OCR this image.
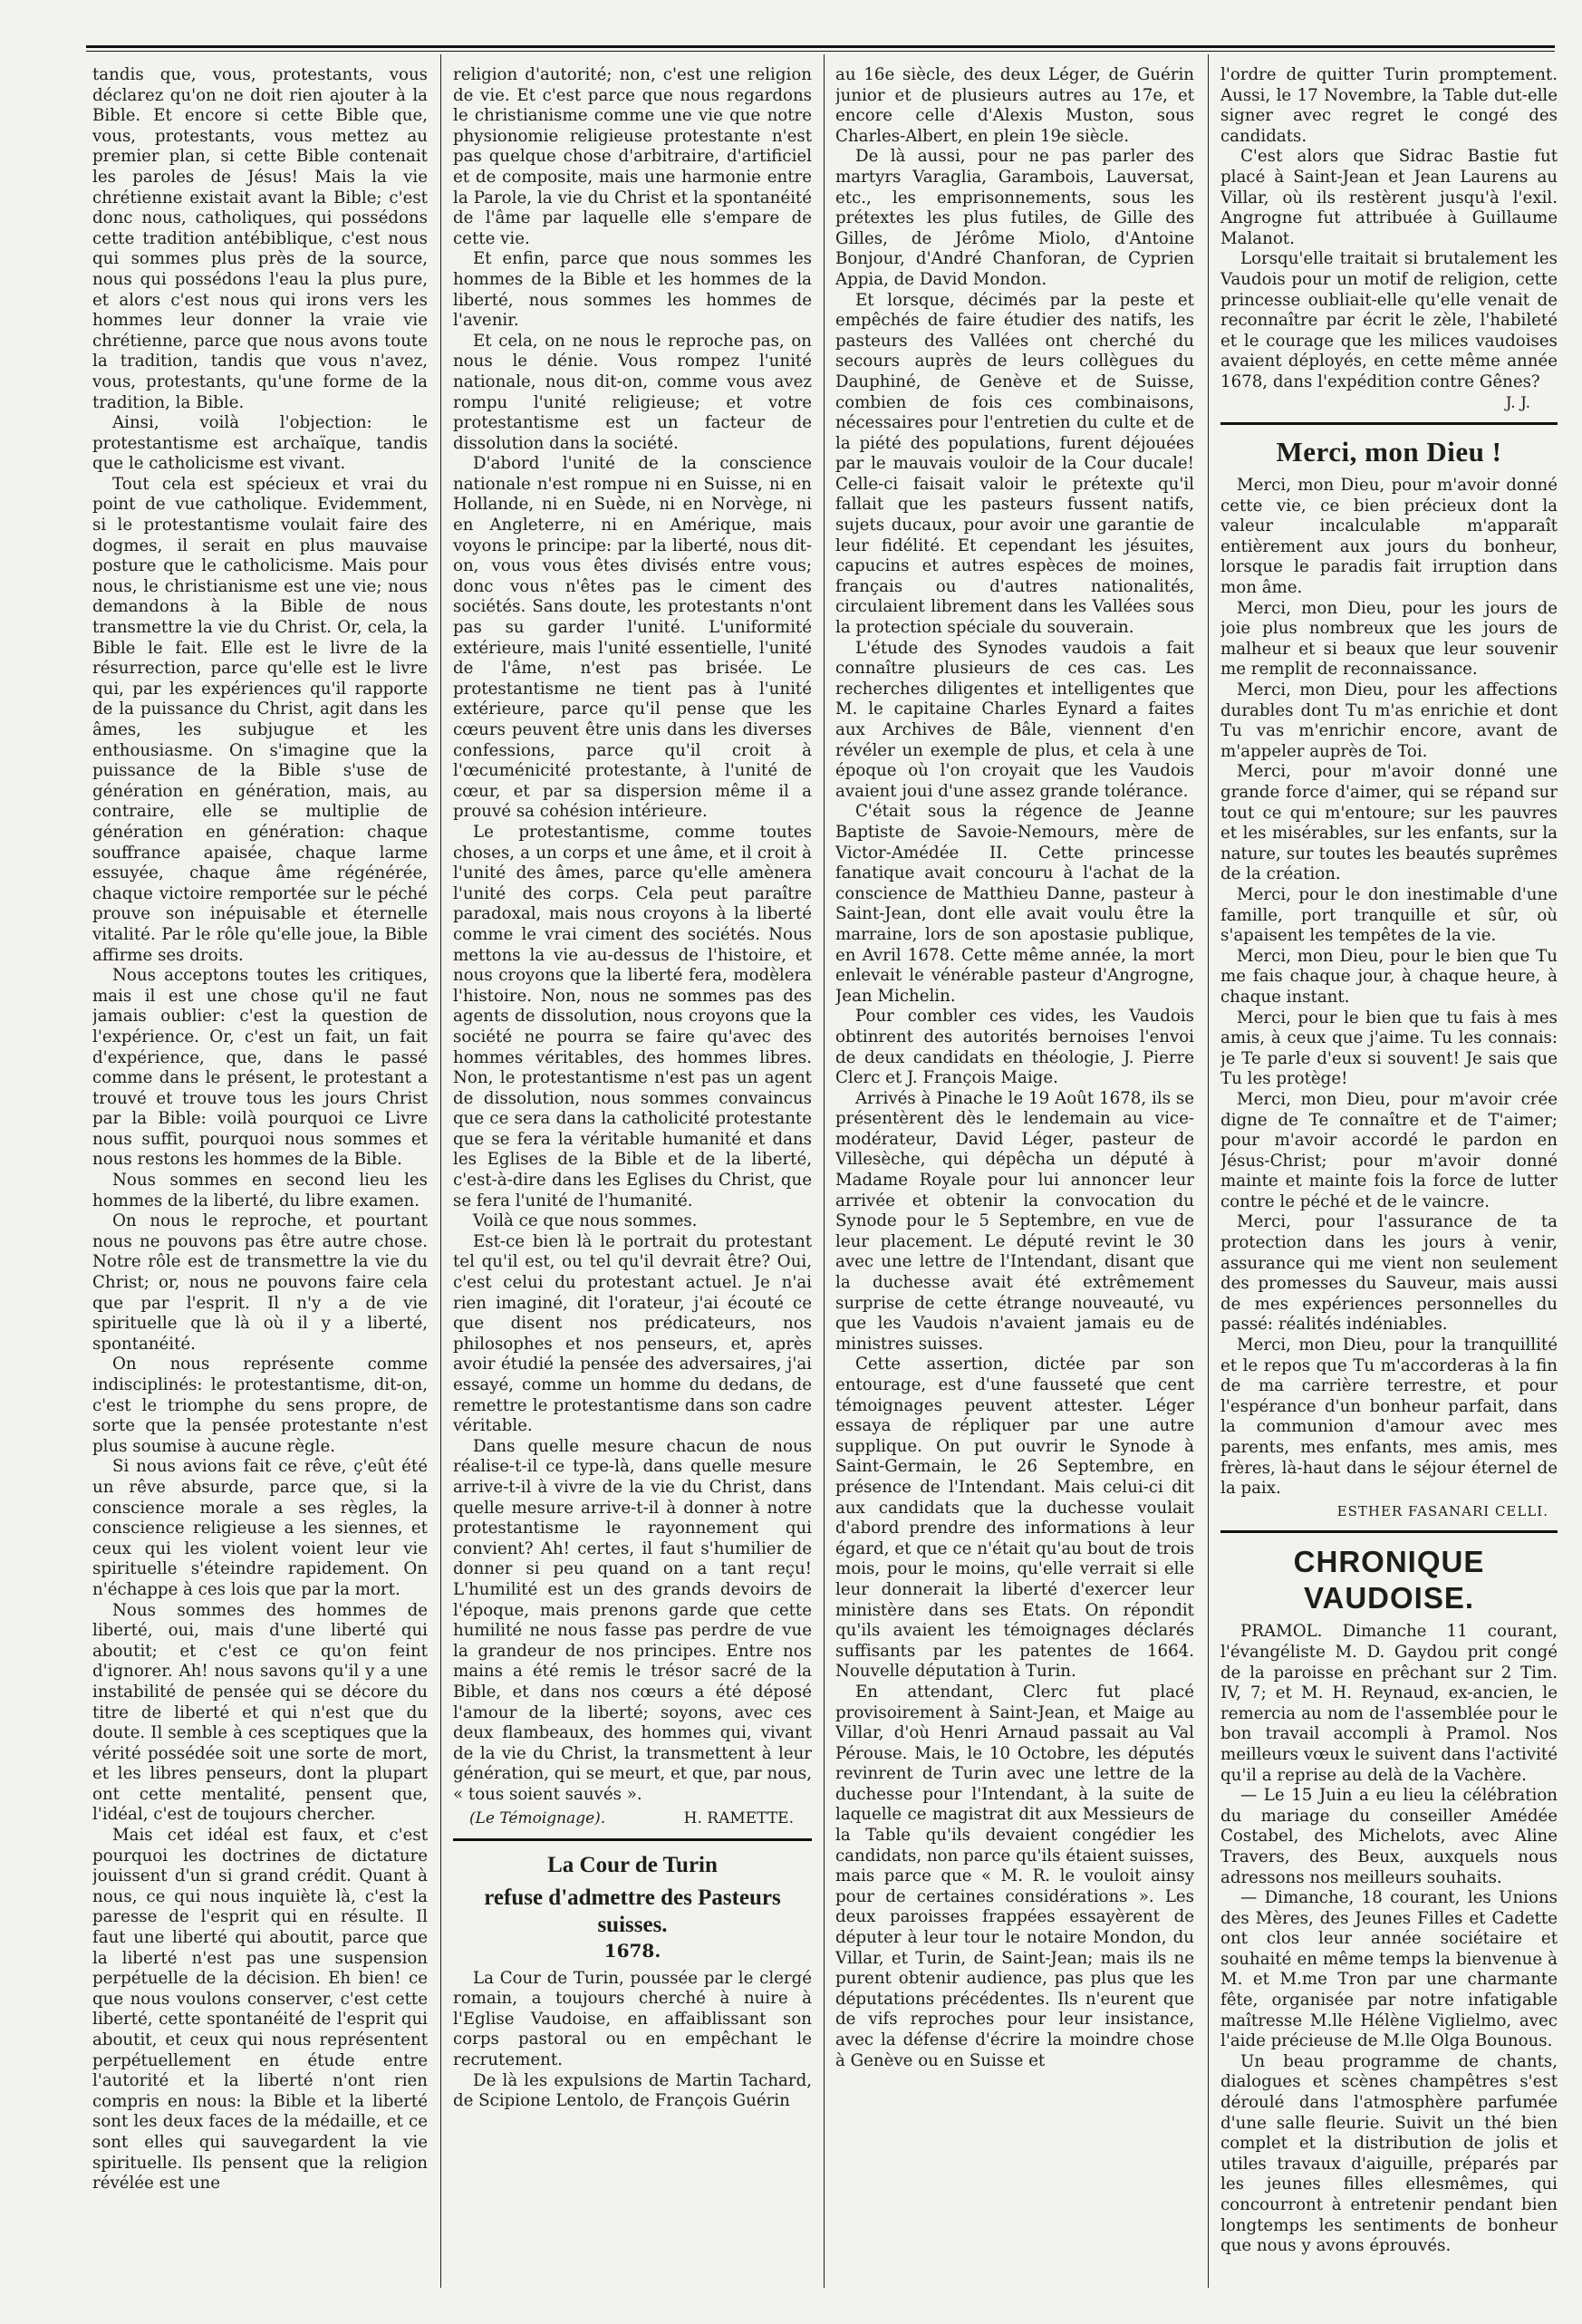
tandis que, vous, protestants, vous déclarez qu'on ne doit rien ajouter à la Bible. Et encore si cette Bible que, vous, protestants, vous mettez au premier plan, si cette Bible contenait les paroles de Jésus! Mais la vie chrétienne existait avant la Bible; c'est donc nous, catholiques, qui possédons cette tradition antébiblique, c'est nous qui sommes plus près de la source, nous qui possédons l'eau la plus pure, et alors c'est nous qui irons vers les hommes leur donner la vraie vie chrétienne, parce que nous avons toute la tradition, tandis que vous n'avez, vous, protestants, qu'une forme de la tradition, la Bible.

Ainsi, voilà l'objection: le protestantisme est archaïque, tandis que le catholicisme est vivant.

Tout cela est spécieux et vrai du point de vue catholique. Evidemment, si le protestantisme voulait faire des dogmes, il serait en plus mauvaise posture que le catholicisme. Mais pour nous, le christianisme est une vie; nous demandons à la Bible de nous transmettre la vie du Christ. Or, cela, la Bible le fait. Elle est le livre de la résurrection, parce qu'elle est le livre qui, par les expériences qu'il rapporte de la puissance du Christ, agit dans les âmes, les subjugue et les enthousiasme. On s'imagine que la puissance de la Bible s'use de génération en génération, mais, au contraire, elle se multiplie de génération en génération: chaque souffrance apaisée, chaque larme essuyée, chaque âme régénérée, chaque victoire remportée sur le péché prouve son inépuisable et éternelle vitalité. Par le rôle qu'elle joue, la Bible affirme ses droits.

Nous acceptons toutes les critiques, mais il est une chose qu'il ne faut jamais oublier: c'est la question de l'expérience. Or, c'est un fait, un fait d'expérience, que, dans le passé comme dans le présent, le protestant a trouvé et trouve tous les jours Christ par la Bible: voilà pourquoi ce Livre nous suffit, pourquoi nous sommes et nous restons les hommes de la Bible.

Nous sommes en second lieu les hommes de la liberté, du libre examen.

On nous le reproche, et pourtant nous ne pouvons pas être autre chose. Notre rôle est de transmettre la vie du Christ; or, nous ne pouvons faire cela que par l'esprit. Il n'y a de vie spirituelle que là où il y a liberté, spontanéité.

On nous représente comme indisciplinés: le protestantisme, dit-on, c'est le triomphe du sens propre, de sorte que la pensée protestante n'est plus soumise à aucune règle.

Si nous avions fait ce rêve, ç'eût été un rêve absurde, parce que, si la conscience morale a ses règles, la conscience religieuse a les siennes, et ceux qui les violent voient leur vie spirituelle s'éteindre rapidement. On n'échappe à ces lois que par la mort.

Nous sommes des hommes de liberté, oui, mais d'une liberté qui aboutit; et c'est ce qu'on feint d'ignorer. Ah! nous savons qu'il y a une instabilité de pensée qui se décore du titre de liberté et qui n'est que du doute. Il semble à ces sceptiques que la vérité possédée soit une sorte de mort, et les libres penseurs, dont la plupart ont cette mentalité, pensent que, l'idéal, c'est de toujours chercher.

Mais cet idéal est faux, et c'est pourquoi les doctrines de dictature jouissent d'un si grand crédit. Quant à nous, ce qui nous inquiète là, c'est la paresse de l'esprit qui en résulte. Il faut une liberté qui aboutit, parce que la liberté n'est pas une suspension perpétuelle de la décision. Eh bien! ce que nous voulons conserver, c'est cette liberté, cette spontanéité de l'esprit qui aboutit, et ceux qui nous représentent perpétuellement en étude entre l'autorité et la liberté n'ont rien compris en nous: la Bible et la liberté sont les deux faces de la médaille, et ce sont elles qui sauvegardent la vie spirituelle. Ils pensent que la religion révélée est une

religion d'autorité; non, c'est une religion de vie. Et c'est parce que nous regardons le christianisme comme une vie que notre physionomie religieuse protestante n'est pas quelque chose d'arbitraire, d'artificiel et de composite, mais une harmonie entre la Parole, la vie du Christ et la spontanéité de l'âme par laquelle elle s'empare de cette vie.

Et enfin, parce que nous sommes les hommes de la Bible et les hommes de la liberté, nous sommes les hommes de l'avenir.

Et cela, on ne nous le reproche pas, on nous le dénie. Vous rompez l'unité nationale, nous dit-on, comme vous avez rompu l'unité religieuse; et votre protestantisme est un facteur de dissolution dans la société.

D'abord l'unité de la conscience nationale n'est rompue ni en Suisse, ni en Hollande, ni en Suède, ni en Norvège, ni en Angleterre, ni en Amérique, mais voyons le principe: par la liberté, nous dit-on, vous vous êtes divisés entre vous; donc vous n'êtes pas le ciment des sociétés. Sans doute, les protestants n'ont pas su garder l'unité. L'uniformité extérieure, mais l'unité essentielle, l'unité de l'âme, n'est pas brisée. Le protestantisme ne tient pas à l'unité extérieure, parce qu'il pense que les cœurs peuvent être unis dans les diverses confessions, parce qu'il croit à l'œcuménicité protestante, à l'unité de cœur, et par sa dispersion même il a prouvé sa cohésion intérieure.

Le protestantisme, comme toutes choses, a un corps et une âme, et il croit à l'unité des âmes, parce qu'elle amènera l'unité des corps. Cela peut paraître paradoxal, mais nous croyons à la liberté comme le vrai ciment des sociétés. Nous mettons la vie au-dessus de l'histoire, et nous croyons que la liberté fera, modèlera l'histoire. Non, nous ne sommes pas des agents de dissolution, nous croyons que la société ne pourra se faire qu'avec des hommes véritables, des hommes libres. Non, le protestantisme n'est pas un agent de dissolution, nous sommes convaincus que ce sera dans la catholicité protestante que se fera la véritable humanité et dans les Eglises de la Bible et de la liberté, c'est-à-dire dans les Eglises du Christ, que se fera l'unité de l'humanité.

Voilà ce que nous sommes.

Est-ce bien là le portrait du protestant tel qu'il est, ou tel qu'il devrait être? Oui, c'est celui du protestant actuel. Je n'ai rien imaginé, dit l'orateur, j'ai écouté ce que disent nos prédicateurs, nos philosophes et nos penseurs, et, après avoir étudié la pensée des adversaires, j'ai essayé, comme un homme du dedans, de remettre le protestantisme dans son cadre véritable.

Dans quelle mesure chacun de nous réalise-t-il ce type-là, dans quelle mesure arrive-t-il à vivre de la vie du Christ, dans quelle mesure arrive-t-il à donner à notre protestantisme le rayonnement qui convient? Ah! certes, il faut s'humilier de donner si peu quand on a tant reçu! L'humilité est un des grands devoirs de l'époque, mais prenons garde que cette humilité ne nous fasse pas perdre de vue la grandeur de nos principes. Entre nos mains a été remis le trésor sacré de la Bible, et dans nos cœurs a été déposé l'amour de la liberté; soyons, avec ces deux flambeaux, des hommes qui, vivant de la vie du Christ, la transmettent à leur génération, qui se meurt, et que, par nous, « tous soient sauvés ».

(Le Témoignage).	H. RAMETTE.
La Cour de Turin
refuse d'admettre des Pasteurs suisses.
1678.

La Cour de Turin, poussée par le clergé romain, a toujours cherché à nuire à l'Eglise Vaudoise, en affaiblissant son corps pastoral ou en empêchant le recrutement.

De là les expulsions de Martin Tachard, de Scipione Lentolo, de François Guérin

au 16e siècle, des deux Léger, de Guérin junior et de plusieurs autres au 17e, et encore celle d'Alexis Muston, sous Charles-Albert, en plein 19e siècle.

De là aussi, pour ne pas parler des martyrs Varaglia, Garambois, Lauversat, etc., les emprisonnements, sous les prétextes les plus futiles, de Gille des Gilles, de Jérôme Miolo, d'Antoine Bonjour, d'André Chanforan, de Cyprien Appia, de David Mondon.

Et lorsque, décimés par la peste et empêchés de faire étudier des natifs, les pasteurs des Vallées ont cherché du secours auprès de leurs collègues du Dauphiné, de Genève et de Suisse, combien de fois ces combinaisons, nécessaires pour l'entretien du culte et de la piété des populations, furent déjouées par le mauvais vouloir de la Cour ducale! Celle-ci faisait valoir le prétexte qu'il fallait que les pasteurs fussent natifs, sujets ducaux, pour avoir une garantie de leur fidélité. Et cependant les jésuites, capucins et autres espèces de moines, français ou d'autres nationalités, circulaient librement dans les Vallées sous la protection spéciale du souverain.

L'étude des Synodes vaudois a fait connaître plusieurs de ces cas. Les recherches diligentes et intelligentes que M. le capitaine Charles Eynard a faites aux Archives de Bâle, viennent d'en révéler un exemple de plus, et cela à une époque où l'on croyait que les Vaudois avaient joui d'une assez grande tolérance.

C'était sous la régence de Jeanne Baptiste de Savoie-Nemours, mère de Victor-Amédée II. Cette princesse fanatique avait concouru à l'achat de la conscience de Matthieu Danne, pasteur à Saint-Jean, dont elle avait voulu être la marraine, lors de son apostasie publique, en Avril 1678. Cette même année, la mort enlevait le vénérable pasteur d'Angrogne, Jean Michelin.

Pour combler ces vides, les Vaudois obtinrent des autorités bernoises l'envoi de deux candidats en théologie, J. Pierre Clerc et J. François Maige.

Arrivés à Pinache le 19 Août 1678, ils se présentèrent dès le lendemain au vice-modérateur, David Léger, pasteur de Villesèche, qui dépêcha un député à Madame Royale pour lui annoncer leur arrivée et obtenir la convocation du Synode pour le 5 Septembre, en vue de leur placement. Le député revint le 30 avec une lettre de l'Intendant, disant que la duchesse avait été extrêmement surprise de cette étrange nouveauté, vu que les Vaudois n'avaient jamais eu de ministres suisses.

Cette assertion, dictée par son entourage, est d'une fausseté que cent témoignages peuvent attester. Léger essaya de répliquer par une autre supplique. On put ouvrir le Synode à Saint-Germain, le 26 Septembre, en présence de l'Intendant. Mais celui-ci dit aux candidats que la duchesse voulait d'abord prendre des informations à leur égard, et que ce n'était qu'au bout de trois mois, pour le moins, qu'elle verrait si elle leur donnerait la liberté d'exercer leur ministère dans ses Etats. On répondit qu'ils avaient les témoignages déclarés suffisants par les patentes de 1664. Nouvelle députation à Turin.

En attendant, Clerc fut placé provisoirement à Saint-Jean, et Maige au Villar, d'où Henri Arnaud passait au Val Pérouse. Mais, le 10 Octobre, les députés revinrent de Turin avec une lettre de la duchesse pour l'Intendant, à la suite de laquelle ce magistrat dit aux Messieurs de la Table qu'ils devaient congédier les candidats, non parce qu'ils étaient suisses, mais parce que « M. R. le vouloit ainsy pour de certaines considérations ». Les deux paroisses frappées essayèrent de députer à leur tour le notaire Mondon, du Villar, et Turin, de Saint-Jean; mais ils ne purent obtenir audience, pas plus que les députations précédentes. Ils n'eurent que de vifs reproches pour leur insistance, avec la défense d'écrire la moindre chose à Genève ou en Suisse et

l'ordre de quitter Turin promptement. Aussi, le 17 Novembre, la Table dut-elle signer avec regret le congé des candidats.

C'est alors que Sidrac Bastie fut placé à Saint-Jean et Jean Laurens au Villar, où ils restèrent jusqu'à l'exil. Angrogne fut attribuée à Guillaume Malanot.

Lorsqu'elle traitait si brutalement les Vaudois pour un motif de religion, cette princesse oubliait-elle qu'elle venait de reconnaître par écrit le zèle, l'habileté et le courage que les milices vaudoises avaient déployés, en cette même année 1678, dans l'expédition contre Gênes?

J. J.
Merci, mon Dieu !

Merci, mon Dieu, pour m'avoir donné cette vie, ce bien précieux dont la valeur incalculable m'apparaît entièrement aux jours du bonheur, lorsque le paradis fait irruption dans mon âme.

Merci, mon Dieu, pour les jours de joie plus nombreux que les jours de malheur et si beaux que leur souvenir me remplit de reconnaissance.

Merci, mon Dieu, pour les affections durables dont Tu m'as enrichie et dont Tu vas m'enrichir encore, avant de m'appeler auprès de Toi.

Merci, pour m'avoir donné une grande force d'aimer, qui se répand sur tout ce qui m'entoure; sur les pauvres et les misérables, sur les enfants, sur la nature, sur toutes les beautés suprêmes de la création.

Merci, pour le don inestimable d'une famille, port tranquille et sûr, où s'apaisent les tempêtes de la vie.

Merci, mon Dieu, pour le bien que Tu me fais chaque jour, à chaque heure, à chaque instant.

Merci, pour le bien que tu fais à mes amis, à ceux que j'aime. Tu les connais: je Te parle d'eux si souvent! Je sais que Tu les protège!

Merci, mon Dieu, pour m'avoir crée digne de Te connaître et de T'aimer; pour m'avoir accordé le pardon en Jésus-Christ; pour m'avoir donné mainte et mainte fois la force de lutter contre le péché et de le vaincre.

Merci, pour l'assurance de ta protection dans les jours à venir, assurance qui me vient non seulement des promesses du Sauveur, mais aussi de mes expériences personnelles du passé: réalités indéniables.

Merci, mon Dieu, pour la tranquillité et le repos que Tu m'accorderas à la fin de ma carrière terrestre, et pour l'espérance d'un bonheur parfait, dans la communion d'amour avec mes parents, mes enfants, mes amis, mes frères, là-haut dans le séjour éternel de la paix.

ESTHER FASANARI CELLI.
CHRONIQUE VAUDOISE.

PRAMOL. Dimanche 11 courant, l'évangéliste M. D. Gaydou prit congé de la paroisse en prêchant sur 2 Tim. IV, 7; et M. H. Reynaud, ex-ancien, le remercia au nom de l'assemblée pour le bon travail accompli à Pramol. Nos meilleurs vœux le suivent dans l'activité qu'il a reprise au delà de la Vachère.

— Le 15 Juin a eu lieu la célébration du mariage du conseiller Amédée Costabel, des Michelots, avec Aline Travers, des Beux, auxquels nous adressons nos meilleurs souhaits.

— Dimanche, 18 courant, les Unions des Mères, des Jeunes Filles et Cadette ont clos leur année sociétaire et souhaité en même temps la bienvenue à M. et M.me Tron par une charmante fête, organisée par notre infatigable maîtresse M.lle Hélène Viglielmo, avec l'aide précieuse de M.lle Olga Bounous.

Un beau programme de chants, dialogues et scènes champêtres s'est déroulé dans l'atmosphère parfumée d'une salle fleurie. Suivit un thé bien complet et la distribution de jolis et utiles travaux d'aiguille, préparés par les jeunes filles ellesmêmes, qui concourront à entretenir pendant bien longtemps les sentiments de bonheur que nous y avons éprouvés.
